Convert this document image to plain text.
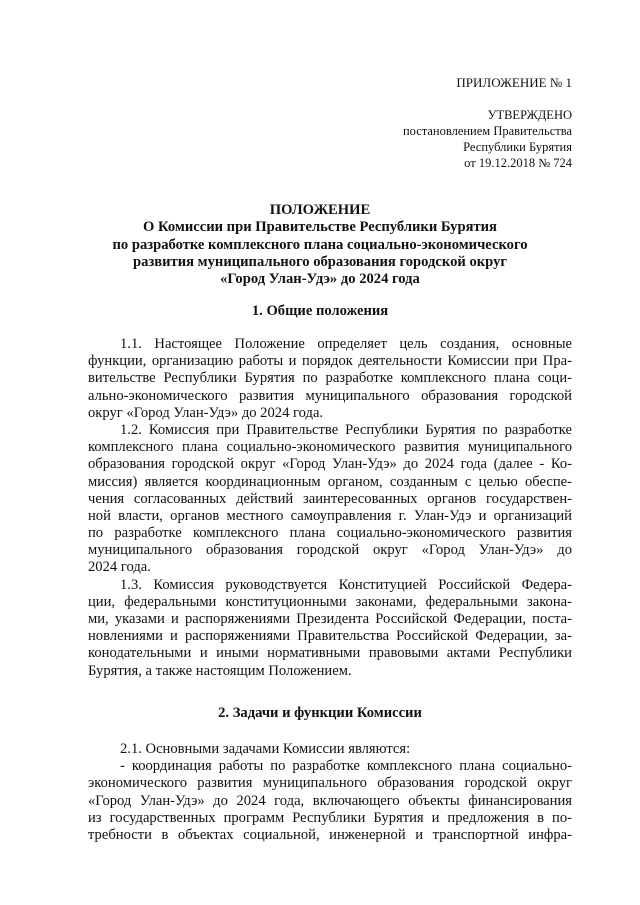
ПРИЛОЖЕНИЕ № 1
УТВЕРЖДЕНО
постановлением Правительства
Республики Бурятия
от 19.12.2018 № 724
ПОЛОЖЕНИЕ
О Комиссии при Правительстве Республики Бурятия
по разработке комплексного плана социально-экономического
развития муниципального образования городской округ
«Город Улан-Удэ» до 2024 года
1. Общие положения
1.1. Настоящее Положение определяет цель создания, основные
функции, организацию работы и порядок деятельности Комиссии при Пра-
вительстве Республики Бурятия по разработке комплексного плана соци-
ально-экономического развития муниципального образования городской
округ «Город Улан-Удэ» до 2024 года.
1.2. Комиссия при Правительстве Республики Бурятия по разработке
комплексного плана социально-экономического развития муниципального
образования городской округ «Город Улан-Удэ» до 2024 года (далее - Ко-
миссия) является координационным органом, созданным с целью обеспе-
чения согласованных действий заинтересованных органов государствен-
ной власти, органов местного самоуправления г. Улан-Удэ и организаций
по разработке комплексного плана социально-экономического развития
муниципального образования городской округ «Город Улан-Удэ» до
2024 года.
1.3. Комиссия руководствуется Конституцией Российской Федера-
ции, федеральными конституционными законами, федеральными закона-
ми, указами и распоряжениями Президента Российской Федерации, поста-
новлениями и распоряжениями Правительства Российской Федерации, за-
конодательными и иными нормативными правовыми актами Республики
Бурятия, а также настоящим Положением.
2. Задачи и функции Комиссии
2.1. Основными задачами Комиссии являются:
- координация работы по разработке комплексного плана социально-
экономического развития муниципального образования городской округ
«Город Улан-Удэ» до 2024 года, включающего объекты финансирования
из государственных программ Республики Бурятия и предложения в по-
требности в объектах социальной, инженерной и транспортной инфра-
